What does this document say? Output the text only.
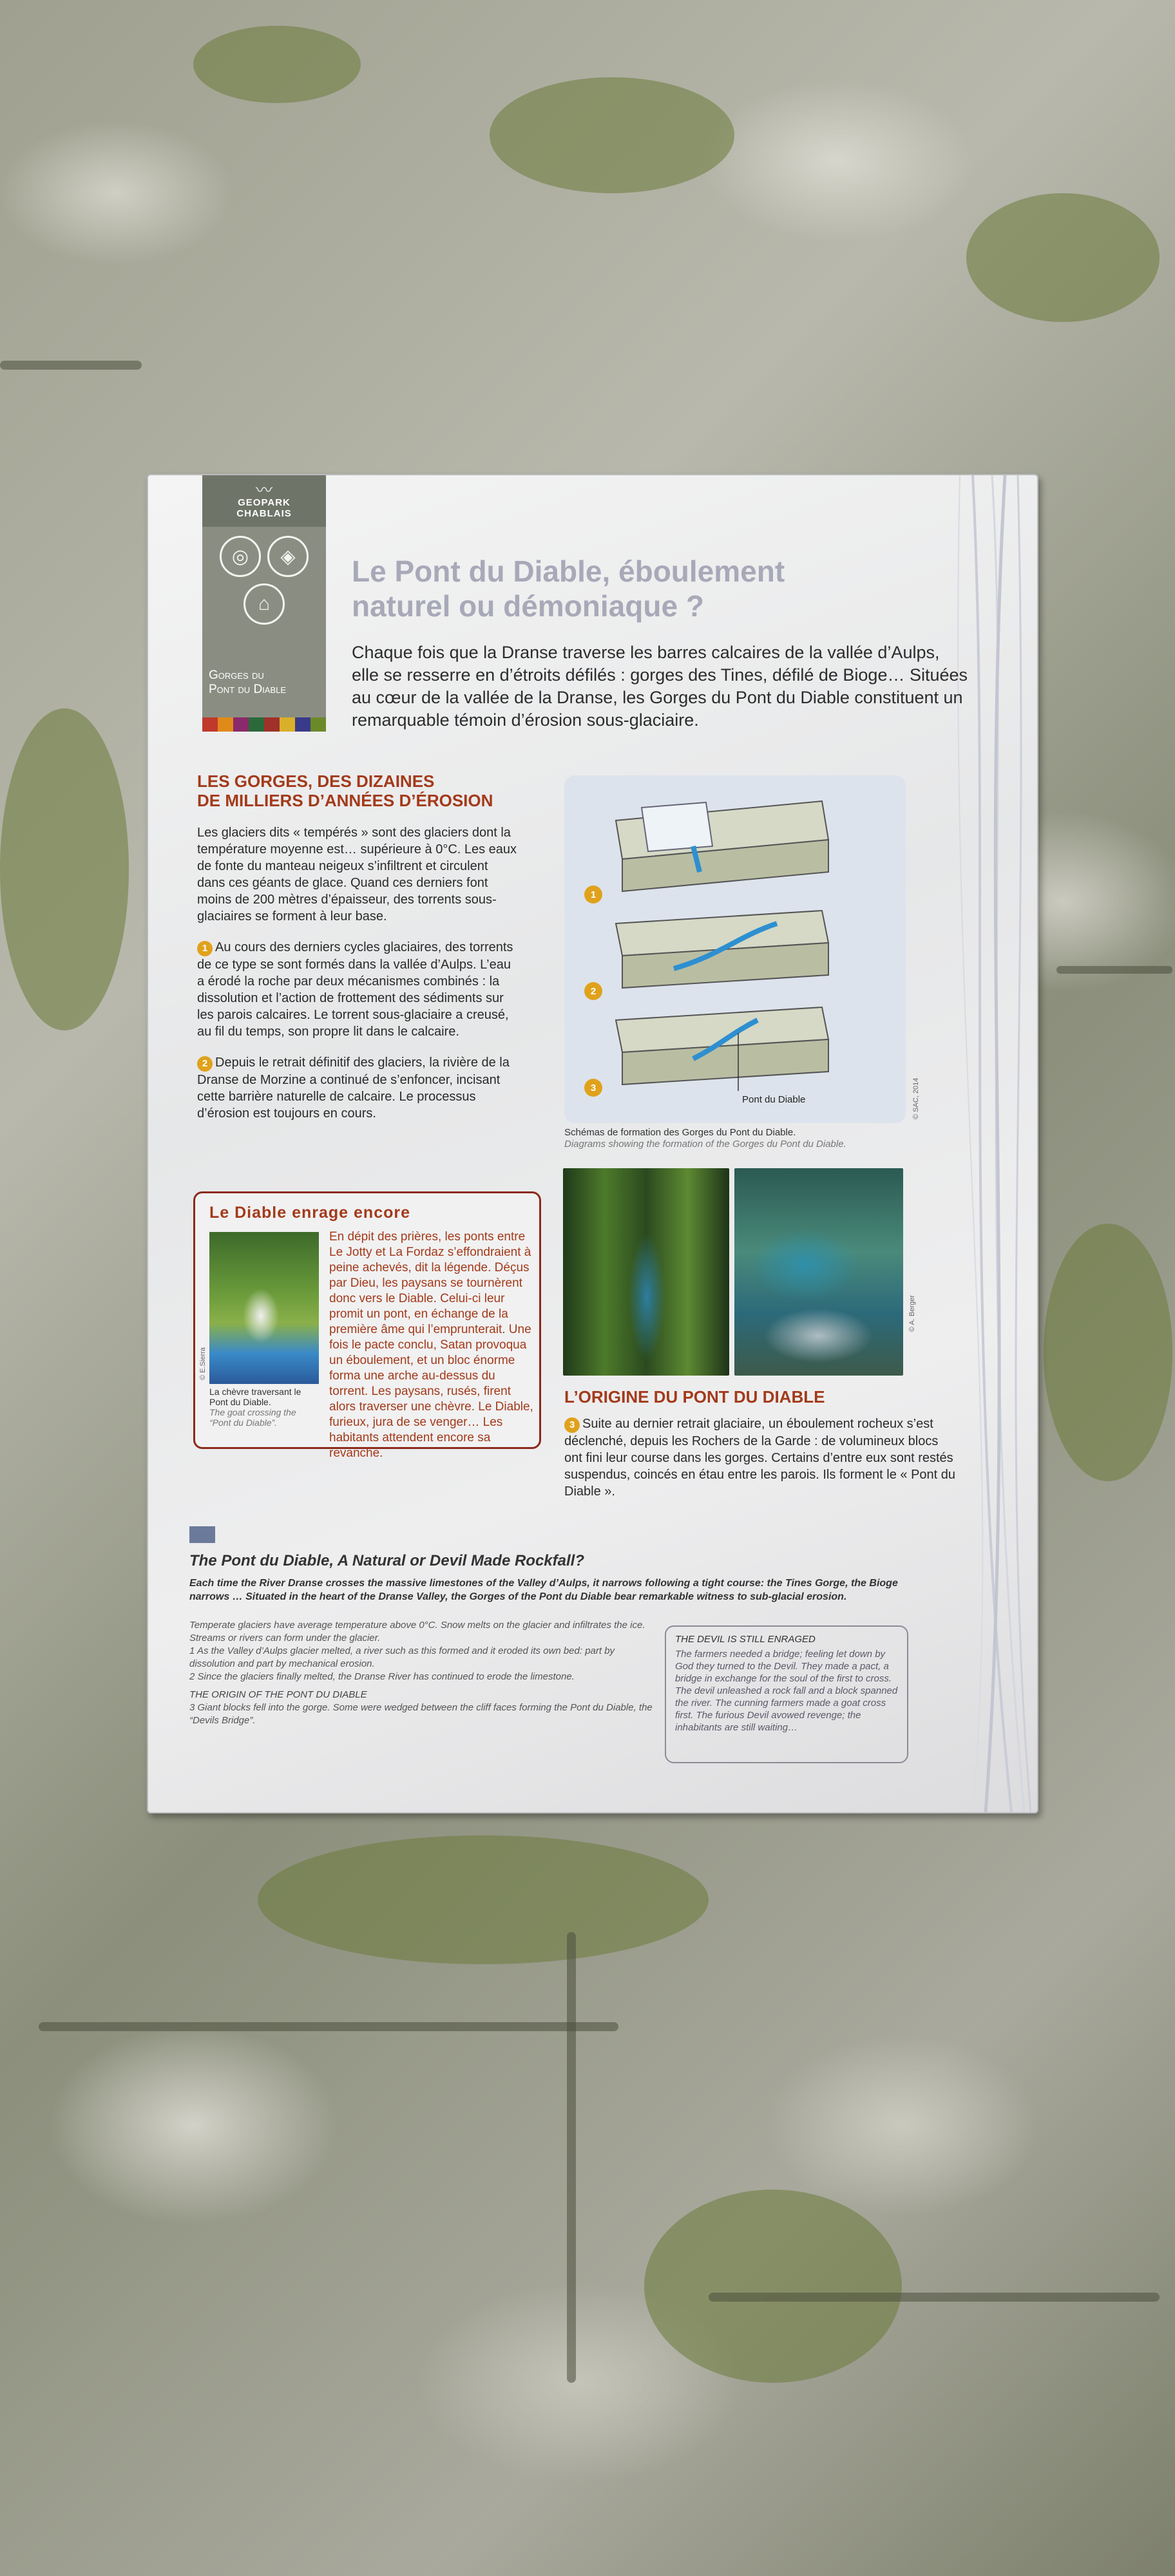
〰
GEOPARK
CHABLAIS
◎	◈
⌂
Gorges du
Pont du Diable
Le Pont du Diable, éboulement
naturel ou démoniaque ?
Chaque fois que la Dranse traverse les barres calcaires de la vallée d’Aulps, elle se resserre en d’étroits défilés : gorges des Tines, défilé de Bioge… Situées au cœur de la vallée de la Dranse, les Gorges du Pont du Diable constituent un remarquable témoin d’érosion sous-glaciaire.
LES GORGES, DES DIZAINES
DE MILLIERS D’ANNÉES D’ÉROSION

Les glaciers dits « tempérés » sont des glaciers dont la température moyenne est… supérieure à 0°C. Les eaux de fonte du manteau neigeux s’infiltrent et circulent dans ces géants de glace. Quand ces derniers font moins de 200 mètres d’épaisseur, des torrents sous-glaciaires se forment à leur base.

1 Au cours des derniers cycles glaciaires, des torrents de ce type se sont formés dans la vallée d’Aulps. L’eau a érodé la roche par deux mécanismes combinés : la dissolution et l’action de frottement des sédiments sur les parois calcaires. Le torrent sous-glaciaire a creusé, au fil du temps, son propre lit dans le calcaire.

2 Depuis le retrait définitif des glaciers, la rivière de la Dranse de Morzine a continué de s’enfoncer, incisant cette barrière naturelle de calcaire. Le processus d’érosion est toujours en cours.

1
2
3
Pont du Diable	© SAC, 2014
Schémas de formation des Gorges du Pont du Diable.
Diagrams showing the formation of the Gorges du Pont du Diable.
© A. Berger
L’ORIGINE DU PONT DU DIABLE

3 Suite au dernier retrait glaciaire, un éboulement rocheux s’est déclenché, depuis les Rochers de la Garde : de volumineux blocs ont fini leur course dans les gorges. Certains d’entre eux sont restés suspendus, coincés en étau entre les parois. Ils forment le « Pont du Diable ».

Le Diable enrage encore
© E.Sierra
La chèvre traversant le Pont du Diable.
The goat crossing the “Pont du Diable”.
En dépit des prières, les ponts entre Le Jotty et La Fordaz s’effondraient à peine achevés, dit la légende. Déçus par Dieu, les paysans se tournèrent donc vers le Diable. Celui-ci leur promit un pont, en échange de la première âme qui l’emprunterait. Une fois le pacte conclu, Satan provoqua un éboulement, et un bloc énorme forma une arche au-dessus du torrent. Les paysans, rusés, firent alors traverser une chèvre. Le Diable, furieux, jura de se venger… Les habitants attendent encore sa revanche.
The Pont du Diable, A Natural or Devil Made Rockfall?
Each time the River Dranse crosses the massive limestones of the Valley d’Aulps, it narrows following a tight course: the Tines Gorge, the Bioge narrows … Situated in the heart of the Dranse Valley, the Gorges of the Pont du Diable bear remarkable witness to sub-glacial erosion.
Temperate glaciers have average temperature above 0°C. Snow melts on the glacier and infiltrates the ice. Streams or rivers can form under the glacier.
1 As the Valley d’Aulps glacier melted, a river such as this formed and it eroded its own bed: part by dissolution and part by mechanical erosion.
2 Since the glaciers finally melted, the Dranse River has continued to erode the limestone.
THE ORIGIN OF THE PONT DU DIABLE
3 Giant blocks fell into the gorge. Some were wedged between the cliff faces forming the Pont du Diable, the “Devils Bridge”.
THE DEVIL IS STILL ENRAGED
The farmers needed a bridge; feeling let down by God they turned to the Devil. They made a pact, a bridge in exchange for the soul of the first to cross. The devil unleashed a rock fall and a block spanned the river. The cunning farmers made a goat cross first. The furious Devil avowed revenge; the inhabitants are still waiting…
